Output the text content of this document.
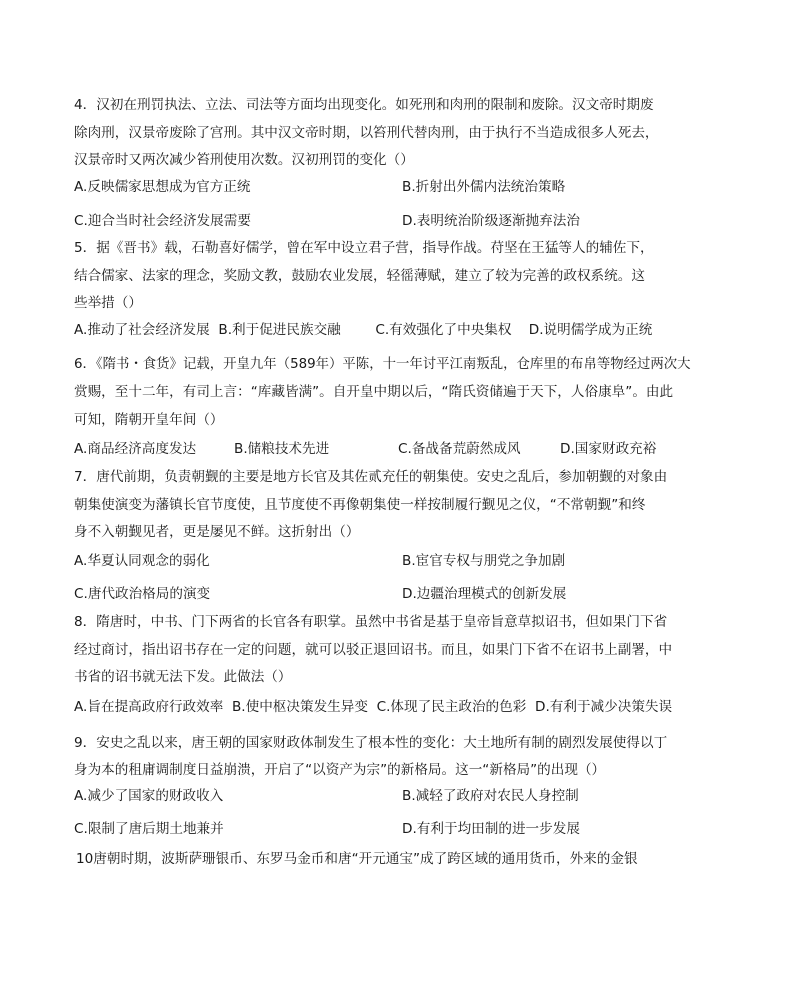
4．汉初在刑罚执法、立法、司法等方面均出现变化。如死刑和肉刑的限制和废除。汉文帝时期废
除肉刑，汉景帝废除了宫刑。其中汉文帝时期，以笞刑代替肉刑，由于执行不当造成很多人死去，
汉景帝时又两次减少笞刑使用次数。汉初刑罚的变化（）
A.反映儒家思想成为官方正统	B.折射出外儒内法统治策略
C.迎合当时社会经济发展需要	D.表明统治阶级逐渐抛弃法治
5．据《晋书》载，石勒喜好儒学，曾在军中设立君子营，指导作战。苻坚在王猛等人的辅佐下，
结合儒家、法家的理念，奖励文教，鼓励农业发展，轻徭薄赋，建立了较为完善的政权系统。这
些举措（）
A.推动了社会经济发展  B.利于促进民族交融        C.有效强化了中央集权    D.说明儒学成为正统
6．《隋书・食货》记载，开皇九年（589年）平陈，十一年讨平江南叛乱，仓库里的布帛等物经过两次大
赏赐，至十二年，有司上言：“库藏皆满”。自开皇中期以后，“隋氏资储遍于天下，人俗康阜”。由此
可知，隋朝开皇年间（）
A.商品经济高度发达	B.储粮技术先进	C.备战备荒蔚然成风	D.国家财政充裕
7．唐代前期，负责朝觐的主要是地方长官及其佐贰充任的朝集使。安史之乱后，参加朝觐的对象由
朝集使演变为藩镇长官节度使，且节度使不再像朝集使一样按制履行觐见之仪，“不常朝觐”和终
身不入朝觐见者，更是屡见不鲜。这折射出（）
A.华夏认同观念的弱化	B.宦官专权与朋党之争加剧
C.唐代政治格局的演变	D.边疆治理模式的创新发展
8．隋唐时，中书、门下两省的长官各有职掌。虽然中书省是基于皇帝旨意草拟诏书，但如果门下省
经过商讨，指出诏书存在一定的问题，就可以驳正退回诏书。而且，如果门下省不在诏书上副署，中
书省的诏书就无法下发。此做法（）
A.旨在提高政府行政效率  B.使中枢决策发生异变  C.体现了民主政治的色彩  D.有利于减少决策失误
9．安史之乱以来，唐王朝的国家财政体制发生了根本性的变化：大土地所有制的剧烈发展使得以丁
身为本的租庸调制度日益崩溃，开启了“以资产为宗”的新格局。这一“新格局”的出现（）
A.减少了国家的财政收入	B.减轻了政府对农民人身控制
C.限制了唐后期土地兼并	D.有利于均田制的进一步发展
10唐朝时期，波斯萨珊银币、东罗马金币和唐“开元通宝”成了跨区域的通用货币，外来的金银
